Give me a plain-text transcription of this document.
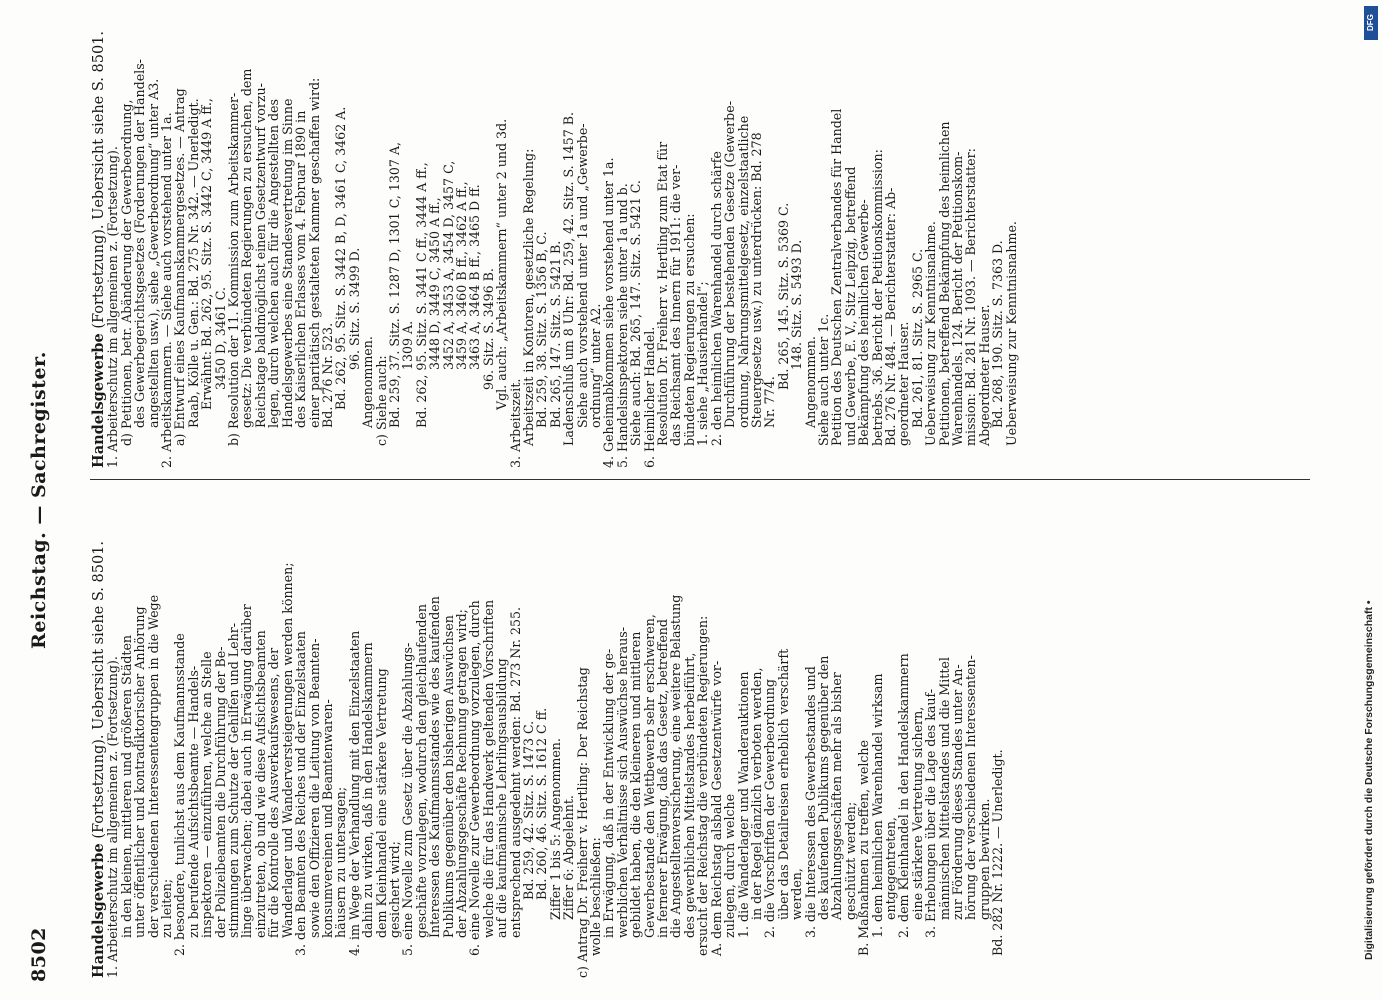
8502
Reichstag. — Sachregister.

Handelsgewerbe (Fortsetzung). Uebersicht siehe S. 8501.

1. Arbeiterschutz im allgemeinen z. (Fortsetzung).

in den kleinen, mittleren und größeren Städten

unter öffentlicher und kontradiktorischer Anhörung

der verschiedenen Interessentengruppen in die Wege

zu leiten;

2. besondere, tunlichst aus dem Kaufmannsstande

zu berufende Aufsichtsbeamte — Handels-

inspektoren — einzuführen, welche an Stelle

der Polizeibeamten die Durchführung der Be-

stimmungen zum Schutze der Gehilfen und Lehr-

linge überwachen; dabei auch in Erwägung darüber

einzutreten, ob und wie diese Aufsichtsbeamten

für die Kontrolle des Ausverkaufswesens, der

Wanderlager und Wanderversteigerungen werden können;

3. den Beamten des Reiches und der Einzelstaaten

sowie den Offizieren die Leitung von Beamten-

konsumvereinen und Beamtenwaren-

häusern zu untersagen;

4. im Wege der Verhandlung mit den Einzelstaaten

dahin zu wirken, daß in den Handelskammern

dem Kleinhandel eine stärkere Vertretung

gesichert wird;

5. eine Novelle zum Gesetz über die Abzahlungs-

geschäfte vorzulegen, wodurch den gleichlaufenden

Interessen des Kaufmannsstandes wie des kaufenden

Publikums gegenüber den bisherigen Auswüchsen

der Abzahlungsgeschäfte Rechnung getragen wird;

6. eine Novelle zur Gewerbeordnung vorzulegen, durch

welche die für das Handwerk geltenden Vorschriften

auf die kaufmännische Lehrlingsausbildung

entsprechend ausgedehnt werden: Bd. 273 Nr. 255.

Bd. 259, 42. Sitz. S. 1473 C.

Bd. 260, 46. Sitz. S. 1612 C ff.

Ziffer 1 bis 5: Angenommen.

Ziffer 6: Abgelehnt.

c) Antrag Dr. Freiherr v. Hertling: Der Reichstag

wolle beschließen:

in Erwägung, daß in der Entwicklung der ge-

werblichen Verhältnisse sich Auswüchse heraus-

gebildet haben, die den kleineren und mittleren

Gewerbestande den Wettbewerb sehr erschweren,

in fernerer Erwägung, daß das Gesetz, betreffend

die Angestelltenversicherung, eine weitere Belastung

des gewerblichen Mittelstandes herbeiführt,

ersucht der Reichstag die verbündeten Regierungen:

A. dem Reichstag alsbald Gesetzentwürfe vor-

zulegen, durch welche

1. die Wanderlager und Wanderauktionen

in der Regel gänzlich verboten werden,

2. die Vorschriften der Gewerbeordnung

über das Detailreisen erheblich verschärft

werden,

3. die Interessen des Gewerbestandes und

des kaufenden Publikums gegenüber den

Abzahlungsgeschäften mehr als bisher

geschützt werden;

B. Maßnahmen zu treffen, welche

1. dem heimlichen Warenhandel wirksam

entgegentreten,

2. dem Kleinhandel in den Handelskammern

eine stärkere Vertretung sichern,

3. Erhebungen über die Lage des kauf-

männischen Mittelstandes und die Mittel

zur Förderung dieses Standes unter An-

hörung der verschiedenen Interessenten-

gruppen bewirken.

Bd. 282 Nr. 1222. — Unerledigt.

Handelsgewerbe (Fortsetzung). Uebersicht siehe S. 8501.

1. Arbeiterschutz im allgemeinen z. (Fortsetzung).

d) Petitionen, betr. Abänderung der Gewerbeordnung,

des Gewerbegerichtsgesetzes (Forderungen der Handels-

angestellten usw.), siehe „Gewerbeordnung“ unter A3.

2. Arbeitskammern. — Siehe auch vorstehend unter 1a.

a) Entwurf eines Kaufmannskammergesetzes. — Antrag

Raab, Kölle u. Gen.: Bd. 275 Nr. 342. — Unerledigt.

Erwähnt: Bd. 262, 95. Sitz. S. 3442 C, 3449 A ff.,

3450 D, 3461 C.

b) Resolution der 11. Kommission zum Arbeitskammer-

gesetz: Die verbündeten Regierungen zu ersuchen, dem

Reichstage baldmöglichst einen Gesetzentwurf vorzu-

legen, durch welchen auch für die Angestellten des

Handelsgewerbes eine Standesvertretung im Sinne

des Kaiserlichen Erlasses vom 4. Februar 1890 in

einer paritätisch gestalteten Kammer geschaffen wird:

Bd. 276 Nr. 523.

Bd. 262, 95. Sitz. S. 3442 B, D, 3461 C, 3462 A.

96. Sitz. S. 3499 D.

Angenommen.

c) Siehe auch:

Bd. 259, 37. Sitz. S. 1287 D, 1301 C, 1307 A,

1309 A.

Bd. 262, 95. Sitz. S. 3441 C ff., 3444 A ff.,

3448 D, 3449 C, 3450 A ff.,

3452 A, 3453 A, 3454 D, 3457 C,

3459 A, 3460 B ff., 3462 A ff.,

3463 A, 3464 B ff., 3465 D ff.

96. Sitz. S. 3496 B.

Vgl. auch: „Arbeitskammern“ unter 2 und 3d.

3. Arbeitszeit.

Arbeitszeit in Kontoren, gesetzliche Regelung:

Bd. 259, 38. Sitz. S. 1356 B, C.

Bd. 265, 147. Sitz. S. 5421 B.

Ladenschluß um 8 Uhr: Bd. 259, 42. Sitz. S. 1457 B.

Siehe auch vorstehend unter 1a und „Gewerbe-

ordnung“ unter A2.

4. Geheimabkommen siehe vorstehend unter 1a.

5. Handelsinspektoren siehe unter 1a und b.

Siehe auch: Bd. 265, 147. Sitz. S. 5421 C.

6. Heimlicher Handel.

Resolution Dr. Freiherr v. Hertling zum Etat für

das Reichsamt des Innern für 1911: die ver-

bündeten Regierungen zu ersuchen:

1. siehe „Hausierhandel“;

2. den heimlichen Warenhandel durch schärfe

Durchführung der bestehenden Gesetze (Gewerbe-

ordnung, Nahrungsmittelgesetz, einzelstaatliche

Steuergesetze usw.) zu unterdrücken: Bd. 278

Nr. 774.

Bd. 265, 145. Sitz. S. 5369 C.

148. Sitz. S. 5493 D.

Angenommen.

Siehe auch unter 1c.

Petition des Deutschen Zentralverbandes für Handel

und Gewerbe, E. V., Sitz Leipzig, betreffend

Bekämpfung des heimlichen Gewerbe-

betriebs. 36. Bericht der Petitionskommission:

Bd. 276 Nr. 484. — Berichterstatter: Ab-

geordneter Hauser.

Bd. 261, 81. Sitz. S. 2965 C.

Ueberweisung zur Kenntnisnahme.

Petitionen, betreffend Bekämpfung des heimlichen

Warenhandels. 124. Bericht der Petitionskom-

mission: Bd. 281 Nr. 1093. — Berichterstatter:

Abgeordneter Hauser.

Bd. 268, 190. Sitz. S. 7363 D.

Ueberweisung zur Kenntnisnahme.

Digitalisierung gefördert durch die Deutsche Forschungsgemeinschaft •
DFG
